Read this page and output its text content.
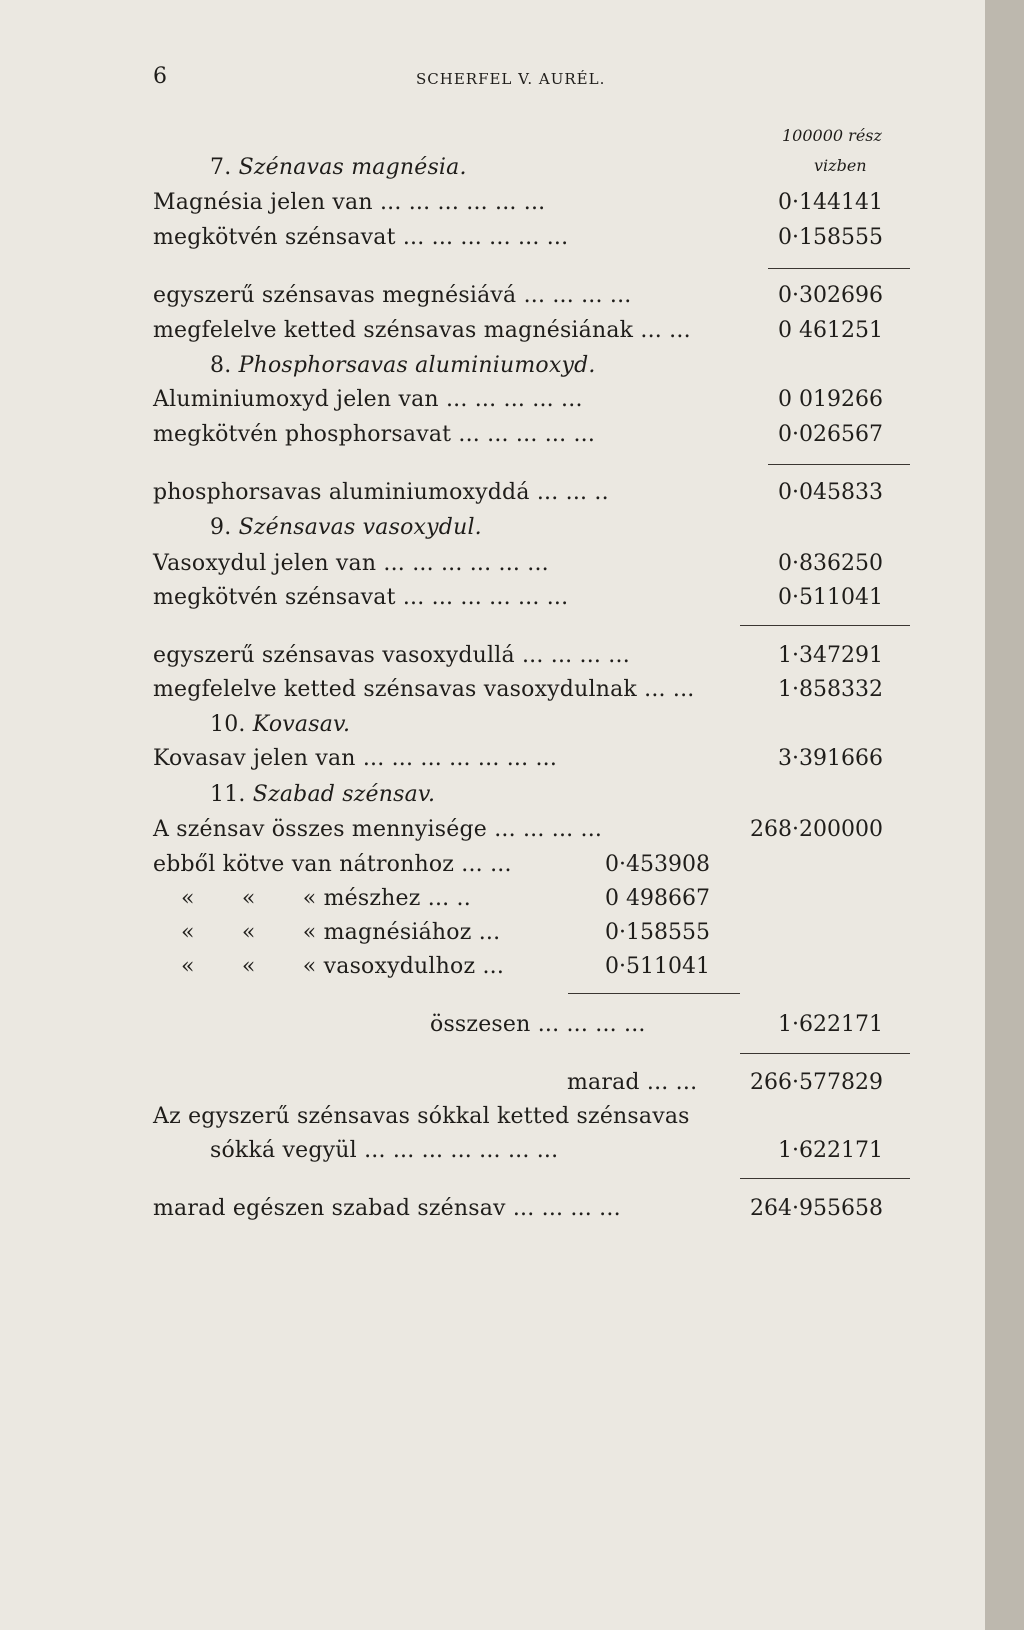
6	SCHERFEL V. AURÉL.
100000 rész
vizben
7. Szénavas magnésia.
Magnésia jelen van ... ... ... ... ... ...	0·144141
megkötvén szénsavat ... ... ... ... ... ...	0·158555
egyszerű szénsavas megnésiává ... ... ... ...	0·302696
megfelelve ketted szénsavas magnésiának ... ...	0 461251
8. Phosphorsavas aluminiumoxyd.
Aluminiumoxyd jelen van ... ... ... ... ...	0 019266
megkötvén phosphorsavat ... ... ... ... ...	0·026567
phosphorsavas aluminiumoxyddá ... ... ..	0·045833
9. Szénsavas vasoxydul.
Vasoxydul jelen van ... ... ... ... ... ...	0·836250
megkötvén szénsavat ... ... ... ... ... ...	0·511041
egyszerű szénsavas vasoxydullá ... ... ... ...	1·347291
megfelelve ketted szénsavas vasoxydulnak ... ...	1·858332
10. Kovasav.
Kovasav jelen van ... ... ... ... ... ... ...	3·391666
11. Szabad szénsav.
A szénsav összes mennyisége ... ... ... ...	268·200000
ebből kötve van nátronhoz ... ...	0·453908
« « « mészhez ... ..	0 498667
« « « magnésiához ...	0·158555
« « « vasoxydulhoz ...	0·511041
összesen ... ... ... ...	1·622171
marad ... ... 266·577829
Az egyszerű szénsavas sókkal ketted szénsavas
sókká vegyül ... ... ... ... ... ... ...	1·622171
marad egészen szabad szénsav ... ... ... ...	264·955658
